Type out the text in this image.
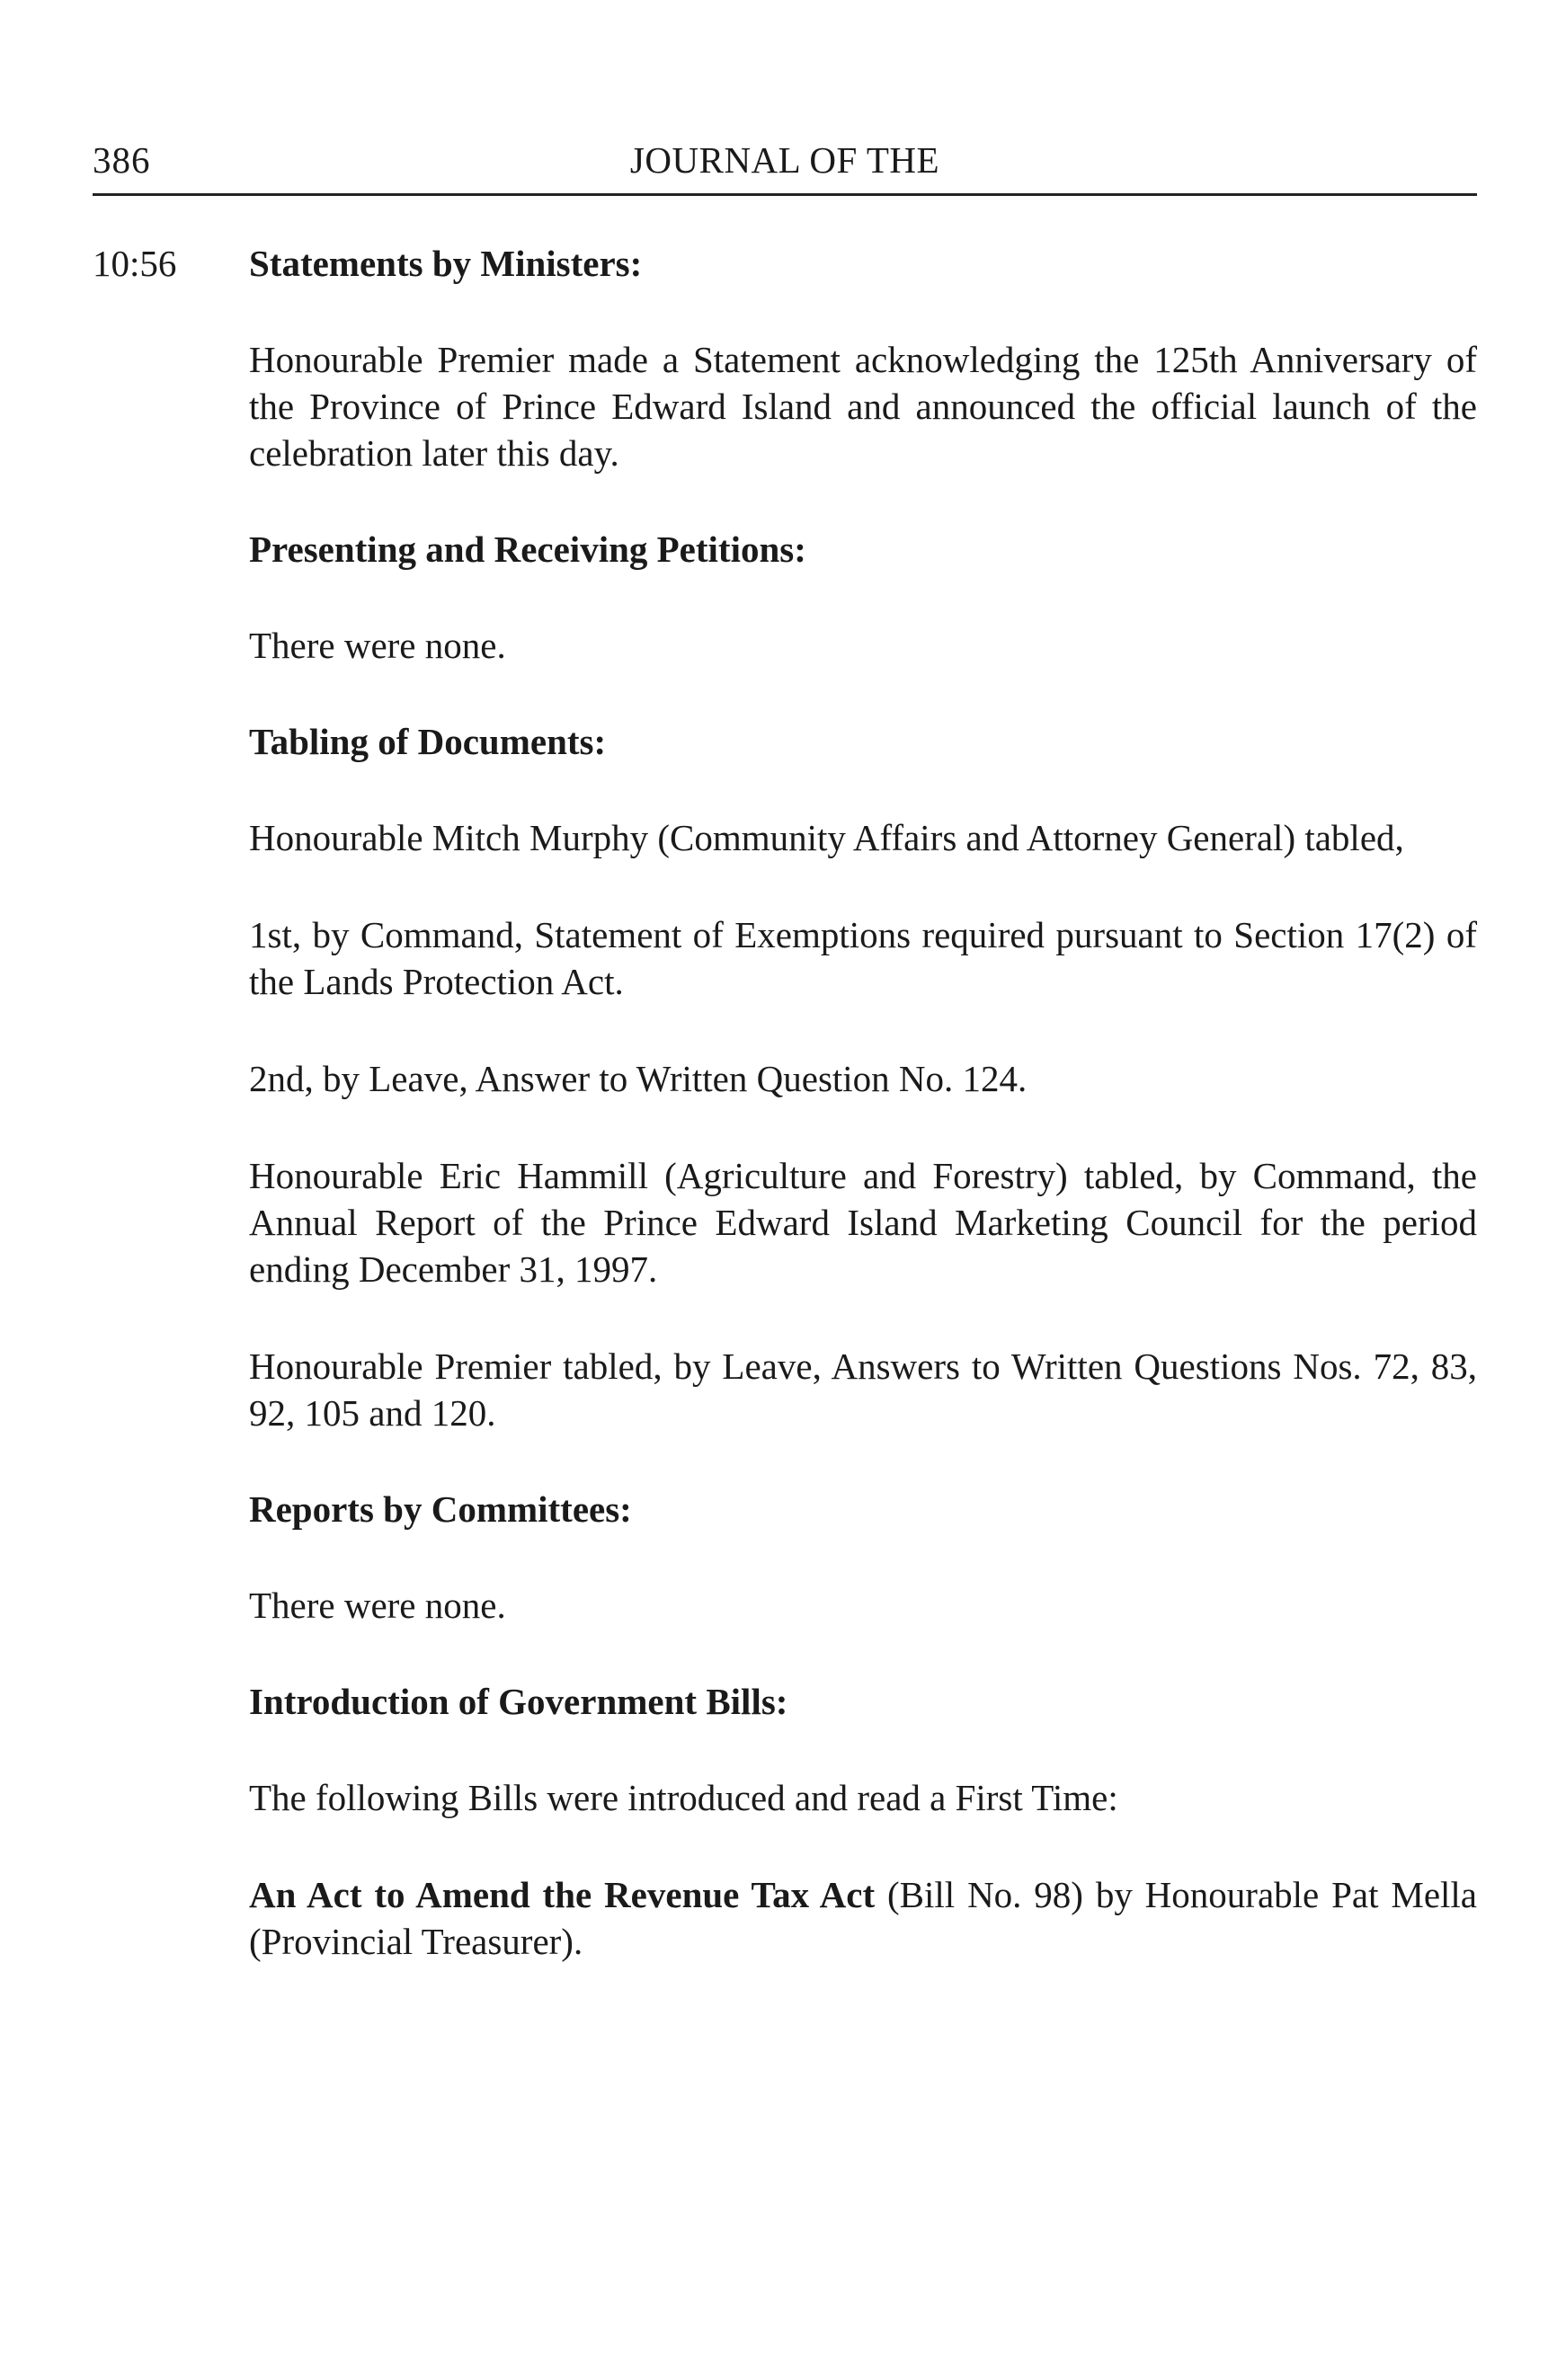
386	JOURNAL OF THE
10:56 Statements by Ministers:

Honourable Premier made a Statement acknowledging the 125th Anniversary of the Province of Prince Edward Island and announced the official launch of the celebration later this day.

Presenting and Receiving Petitions:

There were none.

Tabling of Documents:

Honourable Mitch Murphy (Community Affairs and Attorney General) tabled,

1st, by Command, Statement of Exemptions required pursuant to Section 17(2) of the Lands Protection Act.

2nd, by Leave, Answer to Written Question No. 124.

Honourable Eric Hammill (Agriculture and Forestry) tabled, by Command, the Annual Report of the Prince Edward Island Marketing Council for the period ending December 31, 1997.

Honourable Premier tabled, by Leave, Answers to Written Questions Nos. 72, 83, 92, 105 and 120.

Reports by Committees:

There were none.

Introduction of Government Bills:

The following Bills were introduced and read a First Time:

An Act to Amend the Revenue Tax Act (Bill No. 98) by Honourable Pat Mella (Provincial Treasurer).
